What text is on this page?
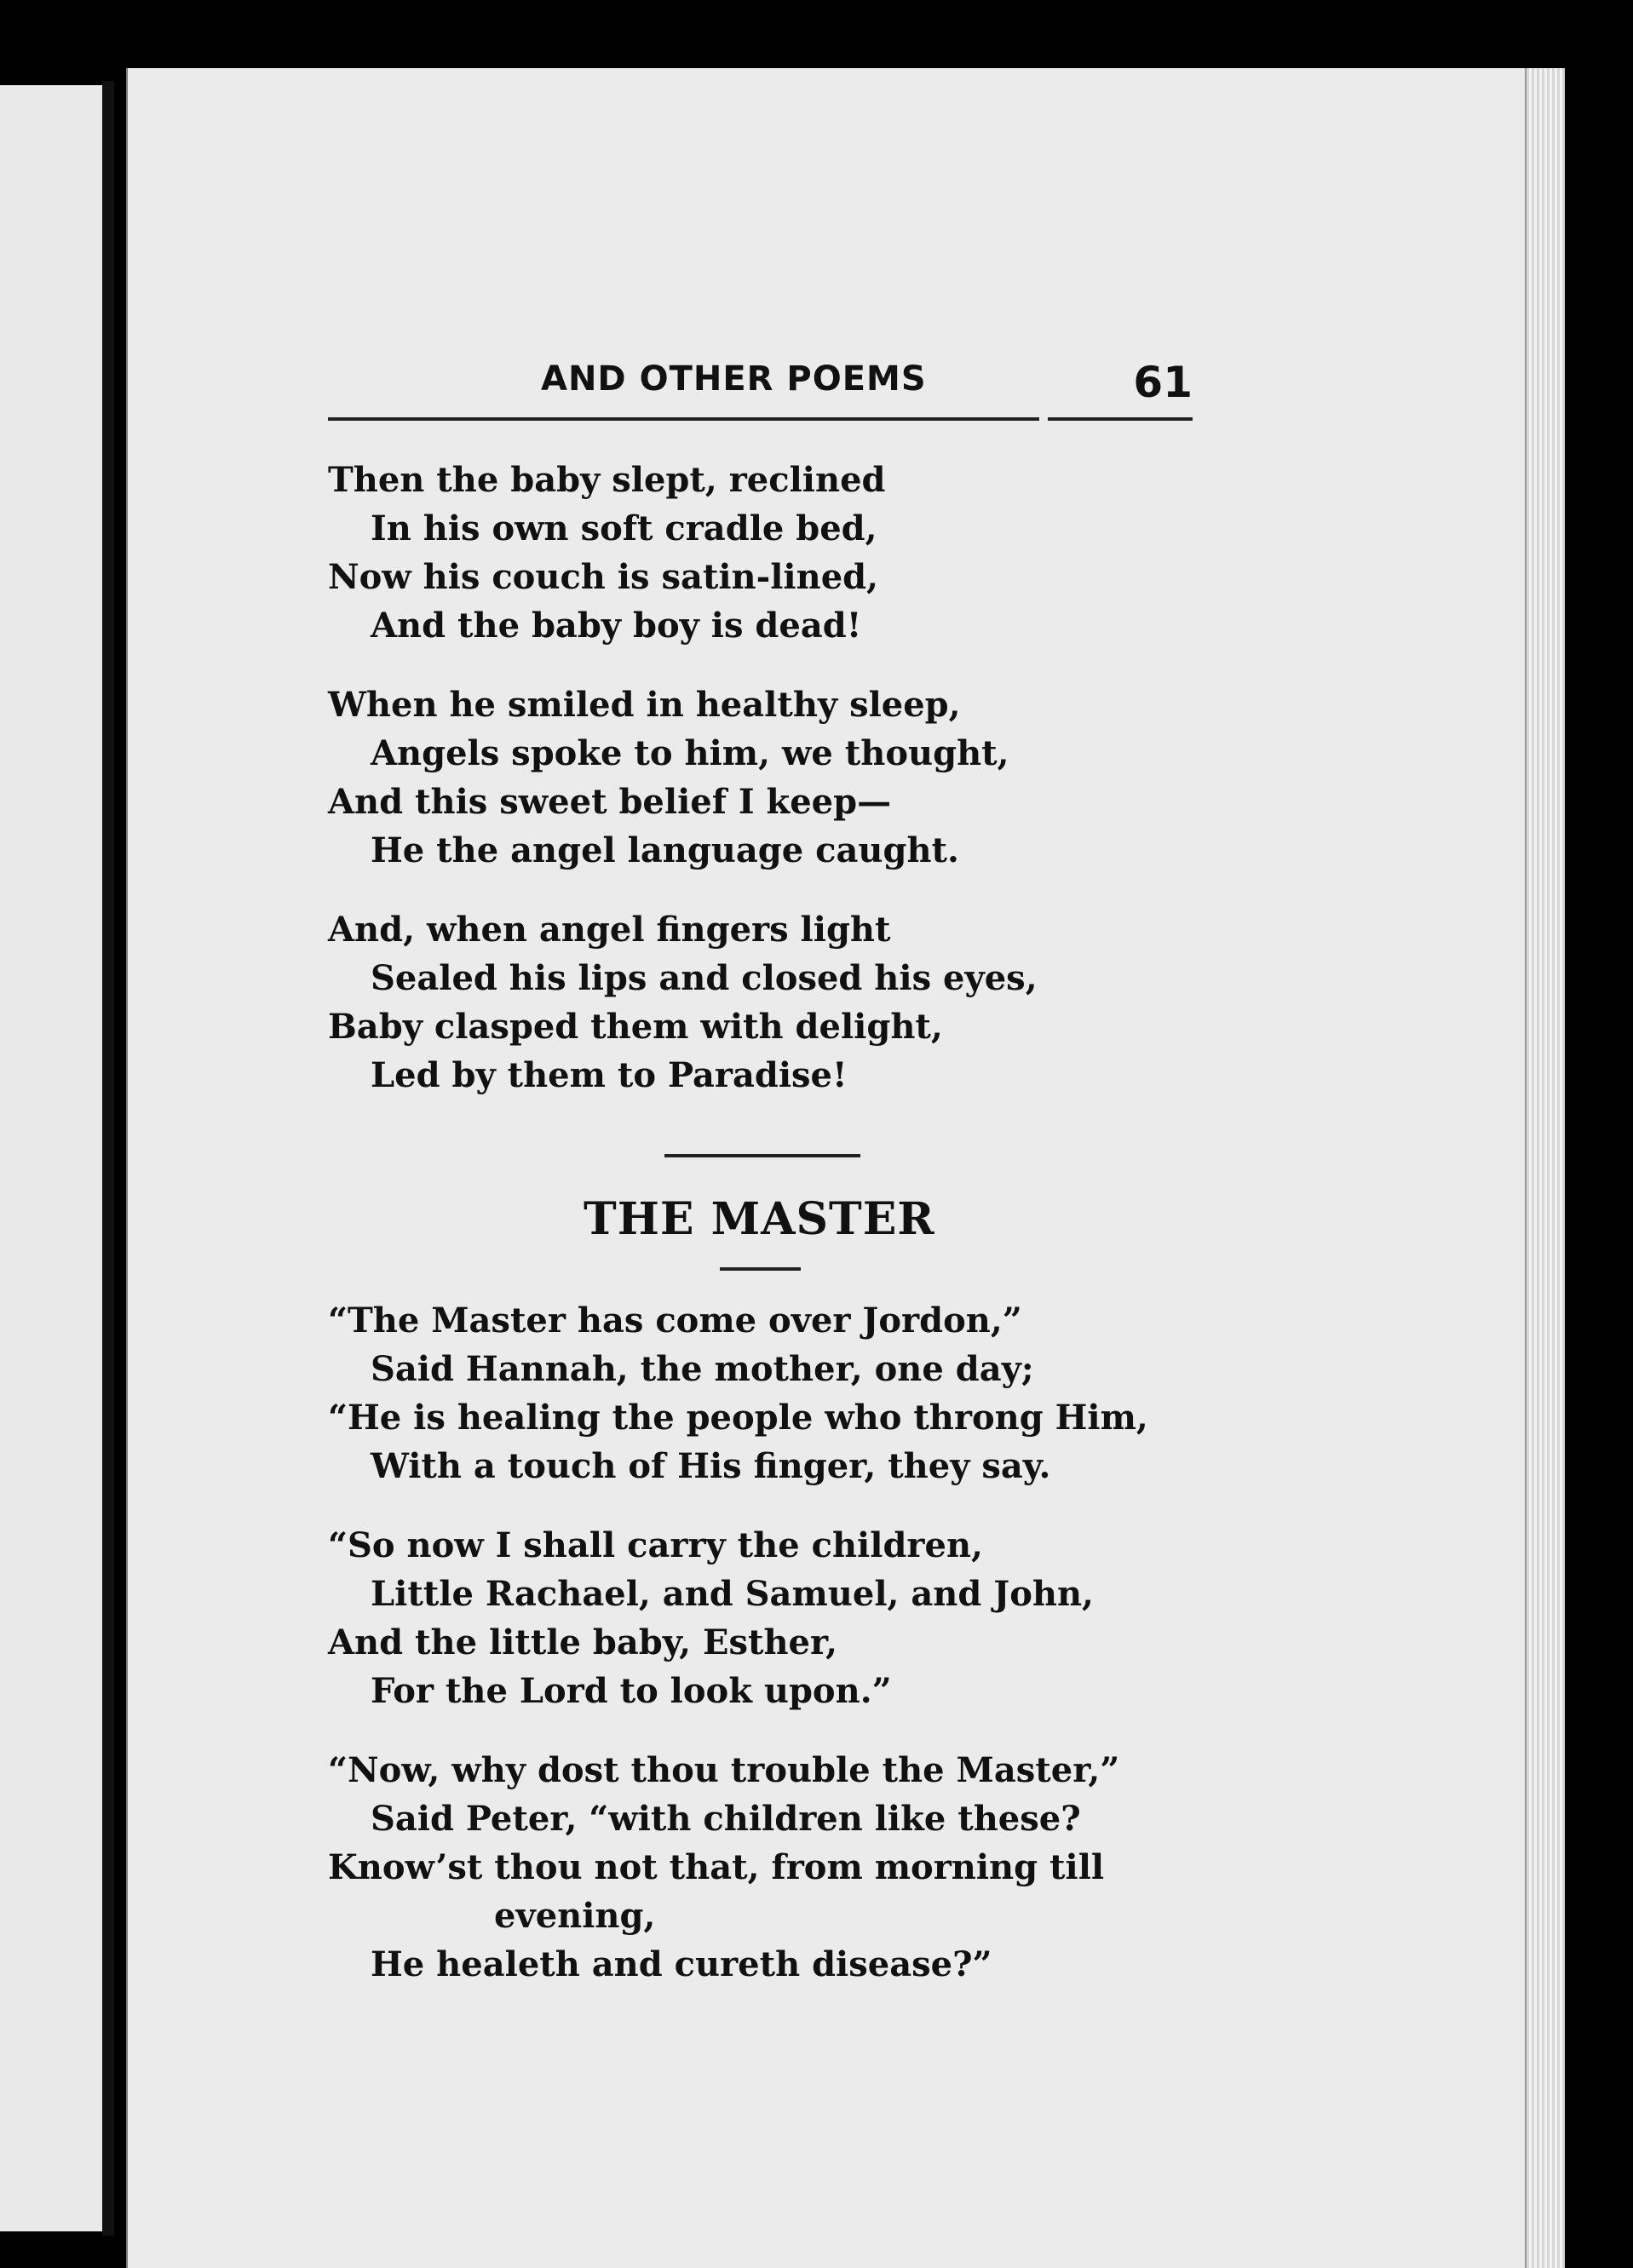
AND OTHER POEMS	61
Then the baby slept, reclined
In his own soft cradle bed,
Now his couch is satin-lined,
And the baby boy is dead!
When he smiled in healthy sleep,
Angels spoke to him, we thought,
And this sweet belief I keep—
He the angel language caught.
And, when angel fingers light
Sealed his lips and closed his eyes,
Baby clasped them with delight,
Led by them to Paradise!
THE MASTER
“The Master has come over Jordon,”
Said Hannah, the mother, one day;
“He is healing the people who throng Him,
With a touch of His finger, they say.
“So now I shall carry the children,
Little Rachael, and Samuel, and John,
And the little baby, Esther,
For the Lord to look upon.”
“Now, why dost thou trouble the Master,”
Said Peter, “with children like these?
Know’st thou not that, from morning till
evening,
He healeth and cureth disease?”
